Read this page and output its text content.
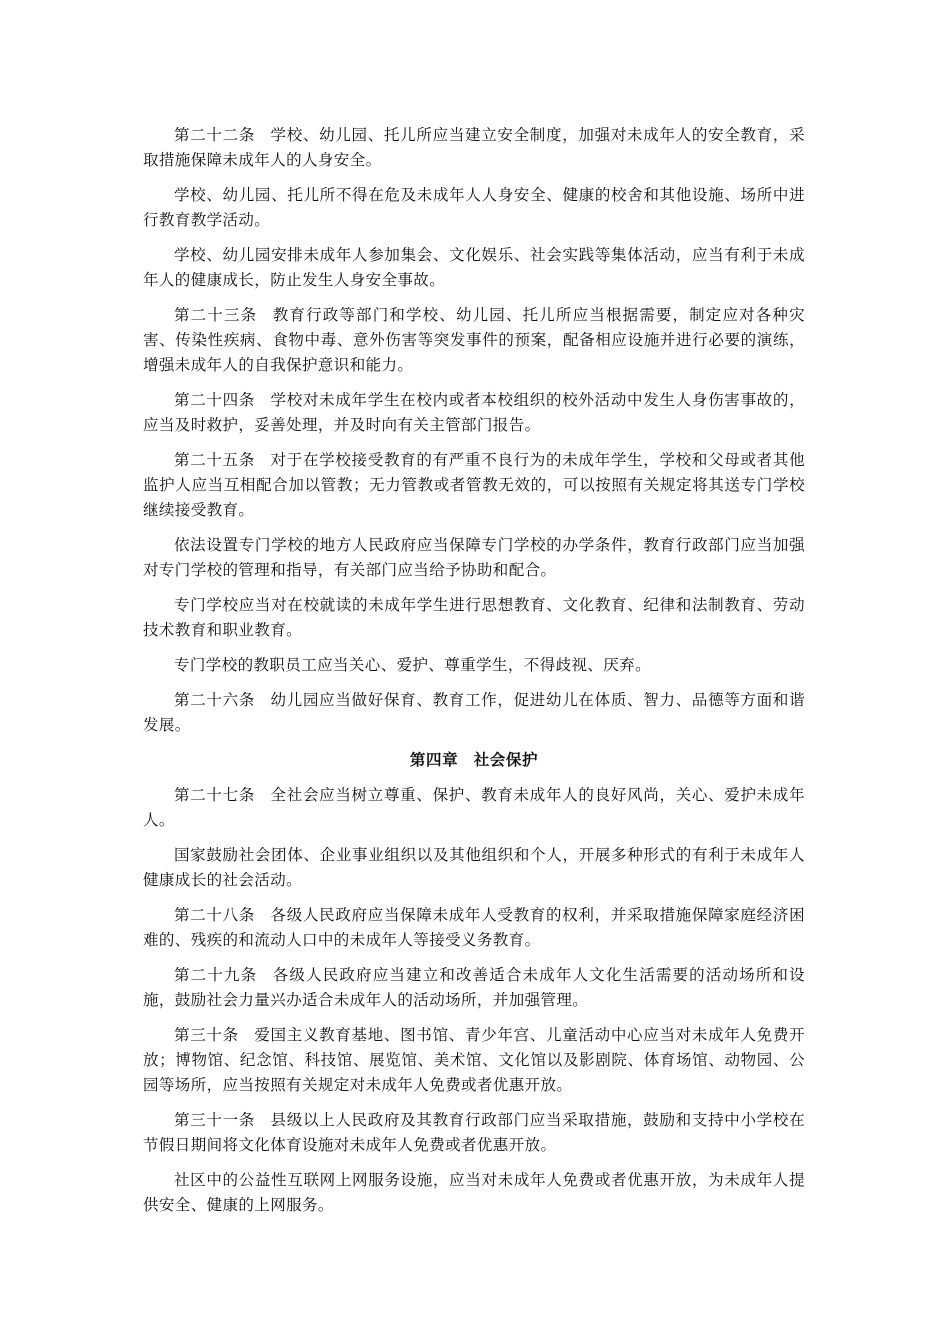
第二十二条 学校、幼儿园、托儿所应当建立安全制度，加强对未成年人的安全教育，采取措施保障未成年人的人身安全。

学校、幼儿园、托儿所不得在危及未成年人人身安全、健康的校舍和其他设施、场所中进行教育教学活动。

学校、幼儿园安排未成年人参加集会、文化娱乐、社会实践等集体活动，应当有利于未成年人的健康成长，防止发生人身安全事故。

第二十三条 教育行政等部门和学校、幼儿园、托儿所应当根据需要，制定应对各种灾害、传染性疾病、食物中毒、意外伤害等突发事件的预案，配备相应设施并进行必要的演练，增强未成年人的自我保护意识和能力。

第二十四条 学校对未成年学生在校内或者本校组织的校外活动中发生人身伤害事故的，应当及时救护，妥善处理，并及时向有关主管部门报告。

第二十五条 对于在学校接受教育的有严重不良行为的未成年学生，学校和父母或者其他监护人应当互相配合加以管教；无力管教或者管教无效的，可以按照有关规定将其送专门学校继续接受教育。

依法设置专门学校的地方人民政府应当保障专门学校的办学条件，教育行政部门应当加强对专门学校的管理和指导，有关部门应当给予协助和配合。

专门学校应当对在校就读的未成年学生进行思想教育、文化教育、纪律和法制教育、劳动技术教育和职业教育。

专门学校的教职员工应当关心、爱护、尊重学生，不得歧视、厌弃。

第二十六条 幼儿园应当做好保育、教育工作，促进幼儿在体质、智力、品德等方面和谐发展。

第四章 社会保护

第二十七条 全社会应当树立尊重、保护、教育未成年人的良好风尚，关心、爱护未成年人。

国家鼓励社会团体、企业事业组织以及其他组织和个人，开展多种形式的有利于未成年人健康成长的社会活动。

第二十八条 各级人民政府应当保障未成年人受教育的权利，并采取措施保障家庭经济困难的、残疾的和流动人口中的未成年人等接受义务教育。

第二十九条 各级人民政府应当建立和改善适合未成年人文化生活需要的活动场所和设施，鼓励社会力量兴办适合未成年人的活动场所，并加强管理。

第三十条 爱国主义教育基地、图书馆、青少年宫、儿童活动中心应当对未成年人免费开放；博物馆、纪念馆、科技馆、展览馆、美术馆、文化馆以及影剧院、体育场馆、动物园、公园等场所，应当按照有关规定对未成年人免费或者优惠开放。

第三十一条 县级以上人民政府及其教育行政部门应当采取措施，鼓励和支持中小学校在节假日期间将文化体育设施对未成年人免费或者优惠开放。

社区中的公益性互联网上网服务设施，应当对未成年人免费或者优惠开放，为未成年人提供安全、健康的上网服务。
